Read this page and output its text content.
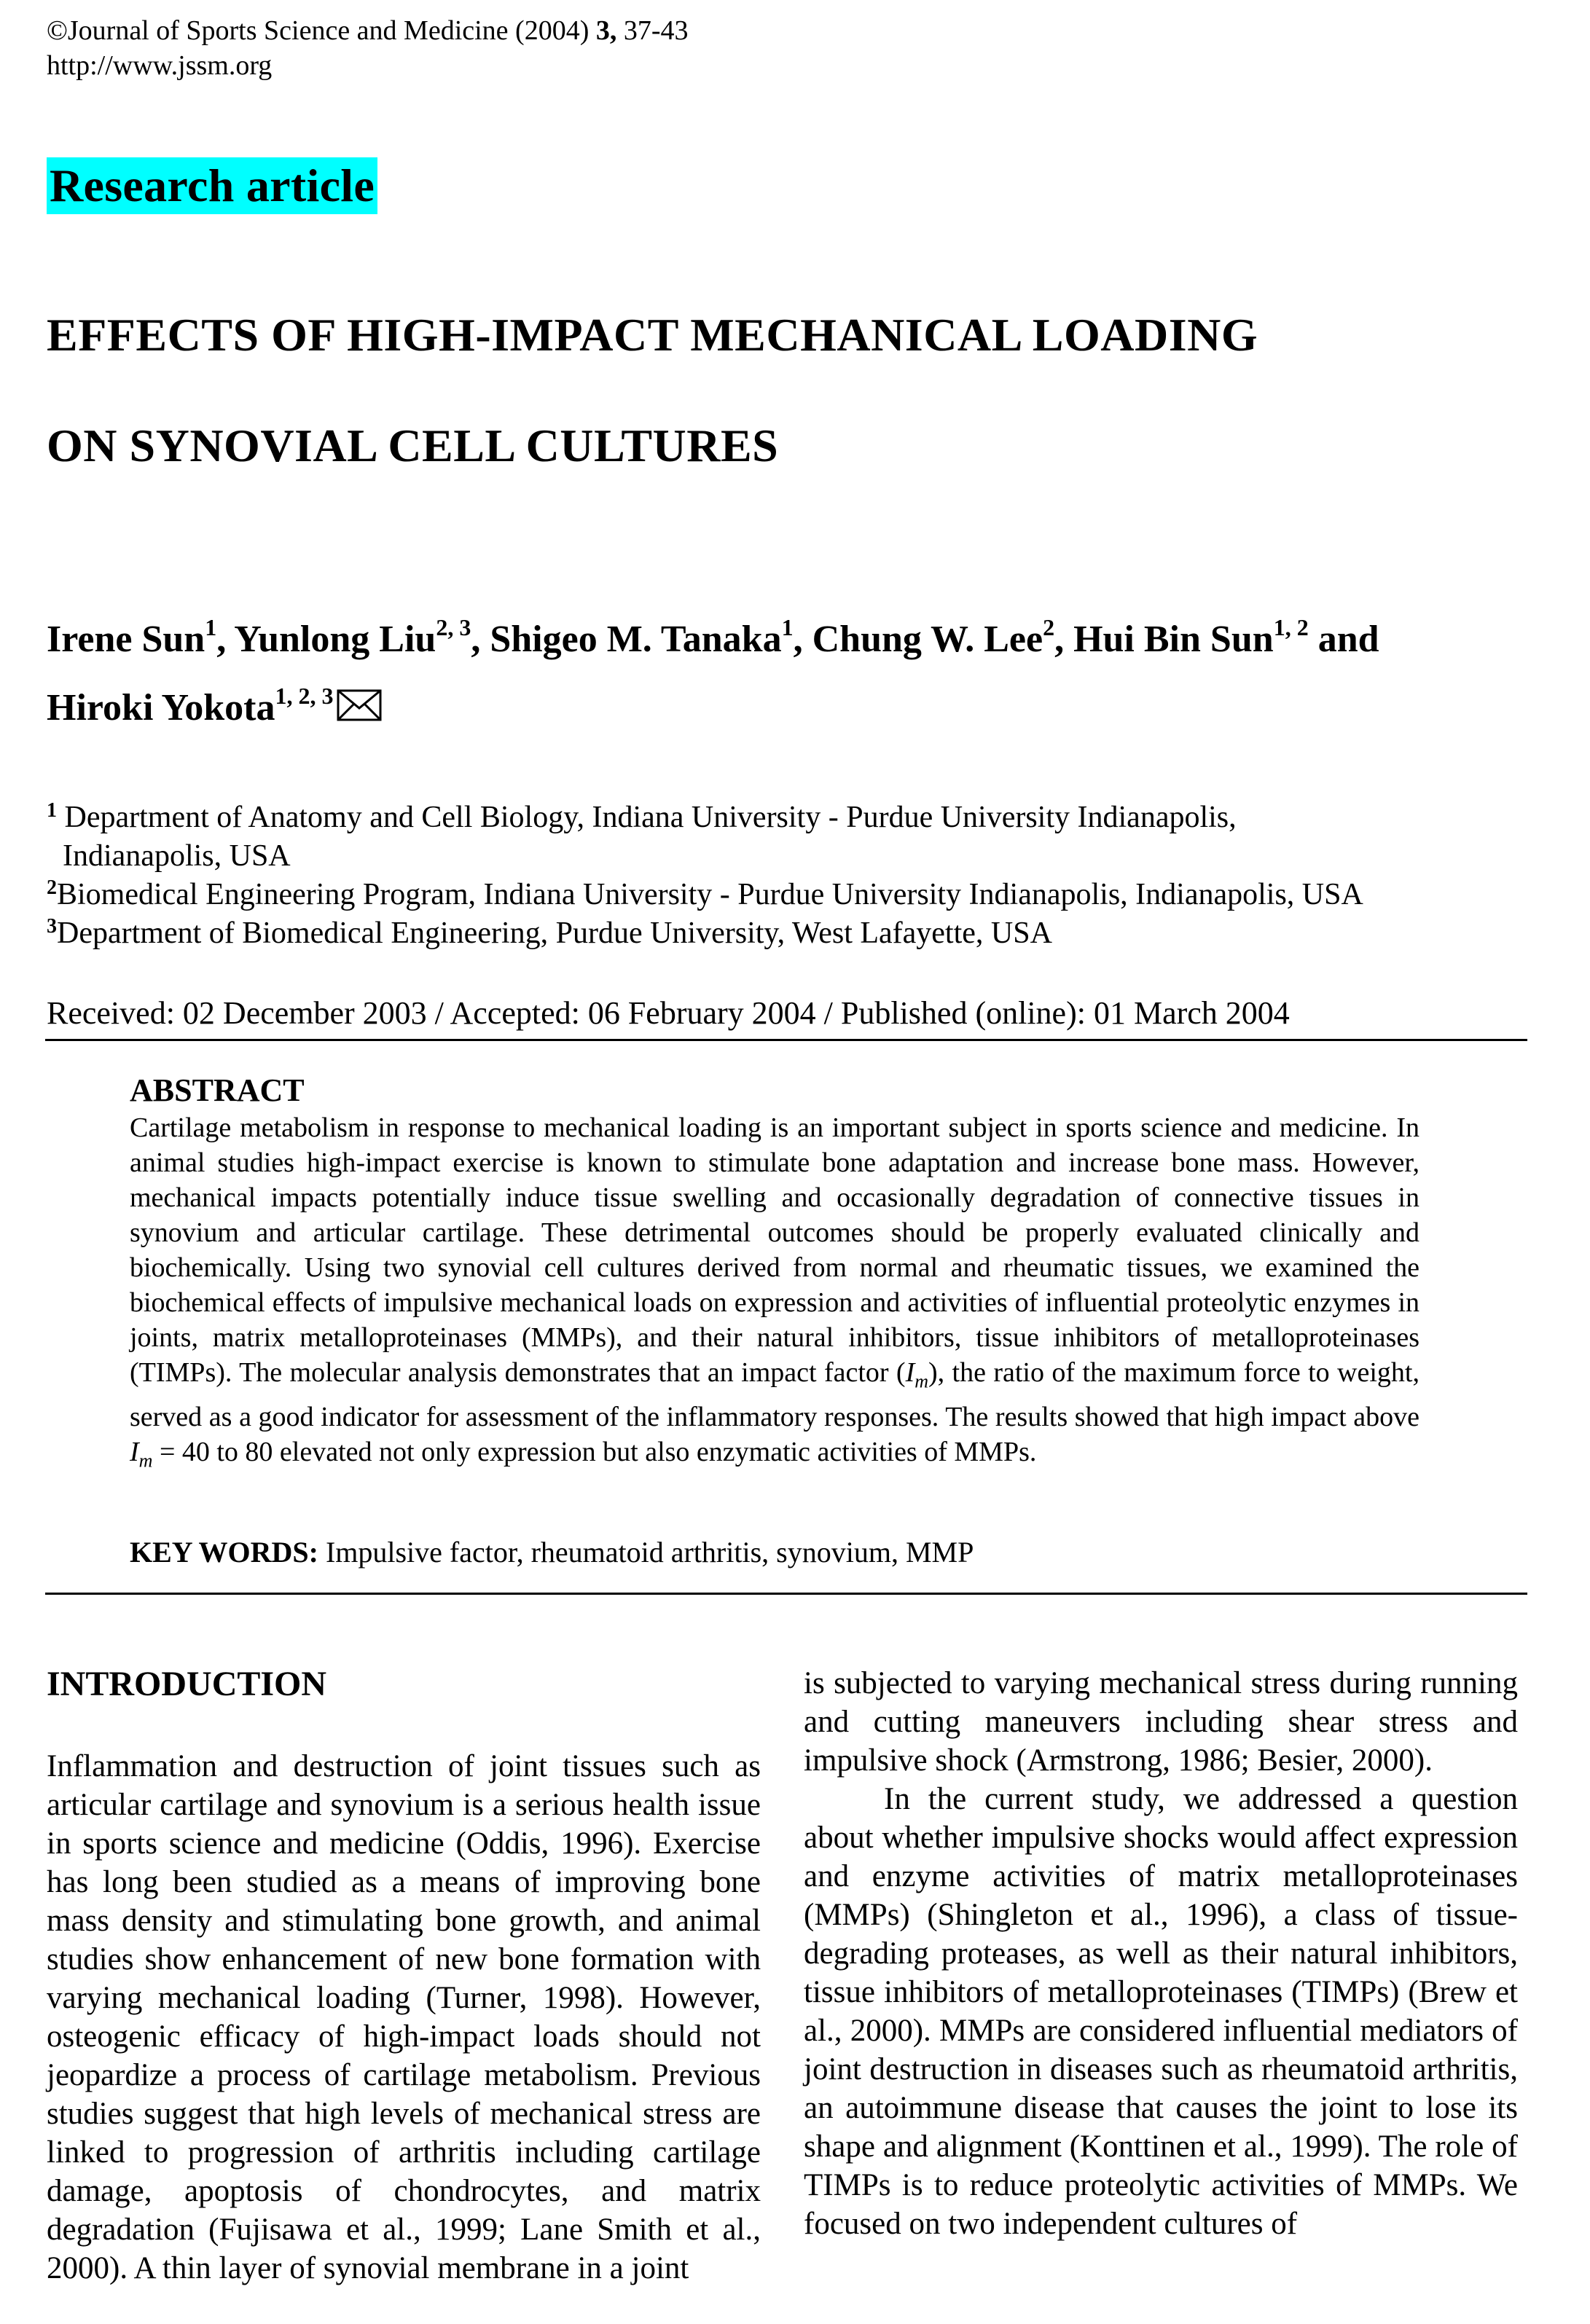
©Journal of Sports Science and Medicine (2004) 3, 37-43
http://www.jssm.org
Research article
EFFECTS OF HIGH-IMPACT MECHANICAL LOADING
ON SYNOVIAL CELL CULTURES
Irene Sun$^1$, Yunlong Liu$^{2, 3}$, Shigeo M. Tanaka$^1$, Chung W. Lee$^2$, Hui Bin Sun$^{1, 2}$ and
Hiroki Yokota$^{1, 2, 3}$
$^1$ Department of Anatomy and Cell Biology, Indiana University - Purdue University Indianapolis,
Indianapolis, USA
$^2$Biomedical Engineering Program, Indiana University - Purdue University Indianapolis, Indianapolis, USA
$^3$Department of Biomedical Engineering, Purdue University, West Lafayette, USA
Received: 02 December 2003 / Accepted: 06 February 2004 / Published (online): 01 March 2004
ABSTRACT

Cartilage metabolism in response to mechanical loading is an important subject in sports science and medicine. In animal studies high-impact exercise is known to stimulate bone adaptation and increase bone mass. However, mechanical impacts potentially induce tissue swelling and occasionally degradation of connective tissues in synovium and articular cartilage. These detrimental outcomes should be properly evaluated clinically and biochemically. Using two synovial cell cultures derived from normal and rheumatic tissues, we examined the biochemical effects of impulsive mechanical loads on expression and activities of influential proteolytic enzymes in joints, matrix metalloproteinases (MMPs), and their natural inhibitors, tissue inhibitors of metalloproteinases (TIMPs). The molecular analysis demonstrates that an impact factor $(I_m)$, the ratio of the maximum force to weight, served as a good indicator for assessment of the inflammatory responses. The results showed that high impact above $I_m = 40$ to 80 elevated not only expression but also enzymatic activities of MMPs.

KEY WORDS: Impulsive factor, rheumatoid arthritis, synovium, MMP
INTRODUCTION

Inflammation and destruction of joint tissues such as articular cartilage and synovium is a serious health issue in sports science and medicine (Oddis, 1996). Exercise has long been studied as a means of improving bone mass density and stimulating bone growth, and animal studies show enhancement of new bone formation with varying mechanical loading (Turner, 1998). However, osteogenic efficacy of high-impact loads should not jeopardize a process of cartilage metabolism. Previous studies suggest that high levels of mechanical stress are linked to progression of arthritis including cartilage damage, apoptosis of chondrocytes, and matrix degradation (Fujisawa et al., 1999; Lane Smith et al., 2000). A thin layer of synovial membrane in a joint

is subjected to varying mechanical stress during running and cutting maneuvers including shear stress and impulsive shock (Armstrong, 1986; Besier, 2000).

In the current study, we addressed a question about whether impulsive shocks would affect expression and enzyme activities of matrix metalloproteinases (MMPs) (Shingleton et al., 1996), a class of tissue-degrading proteases, as well as their natural inhibitors, tissue inhibitors of metalloproteinases (TIMPs) (Brew et al., 2000). MMPs are considered influential mediators of joint destruction in diseases such as rheumatoid arthritis, an autoimmune disease that causes the joint to lose its shape and alignment (Konttinen et al., 1999). The role of TIMPs is to reduce proteolytic activities of MMPs. We focused on two independent cultures of
